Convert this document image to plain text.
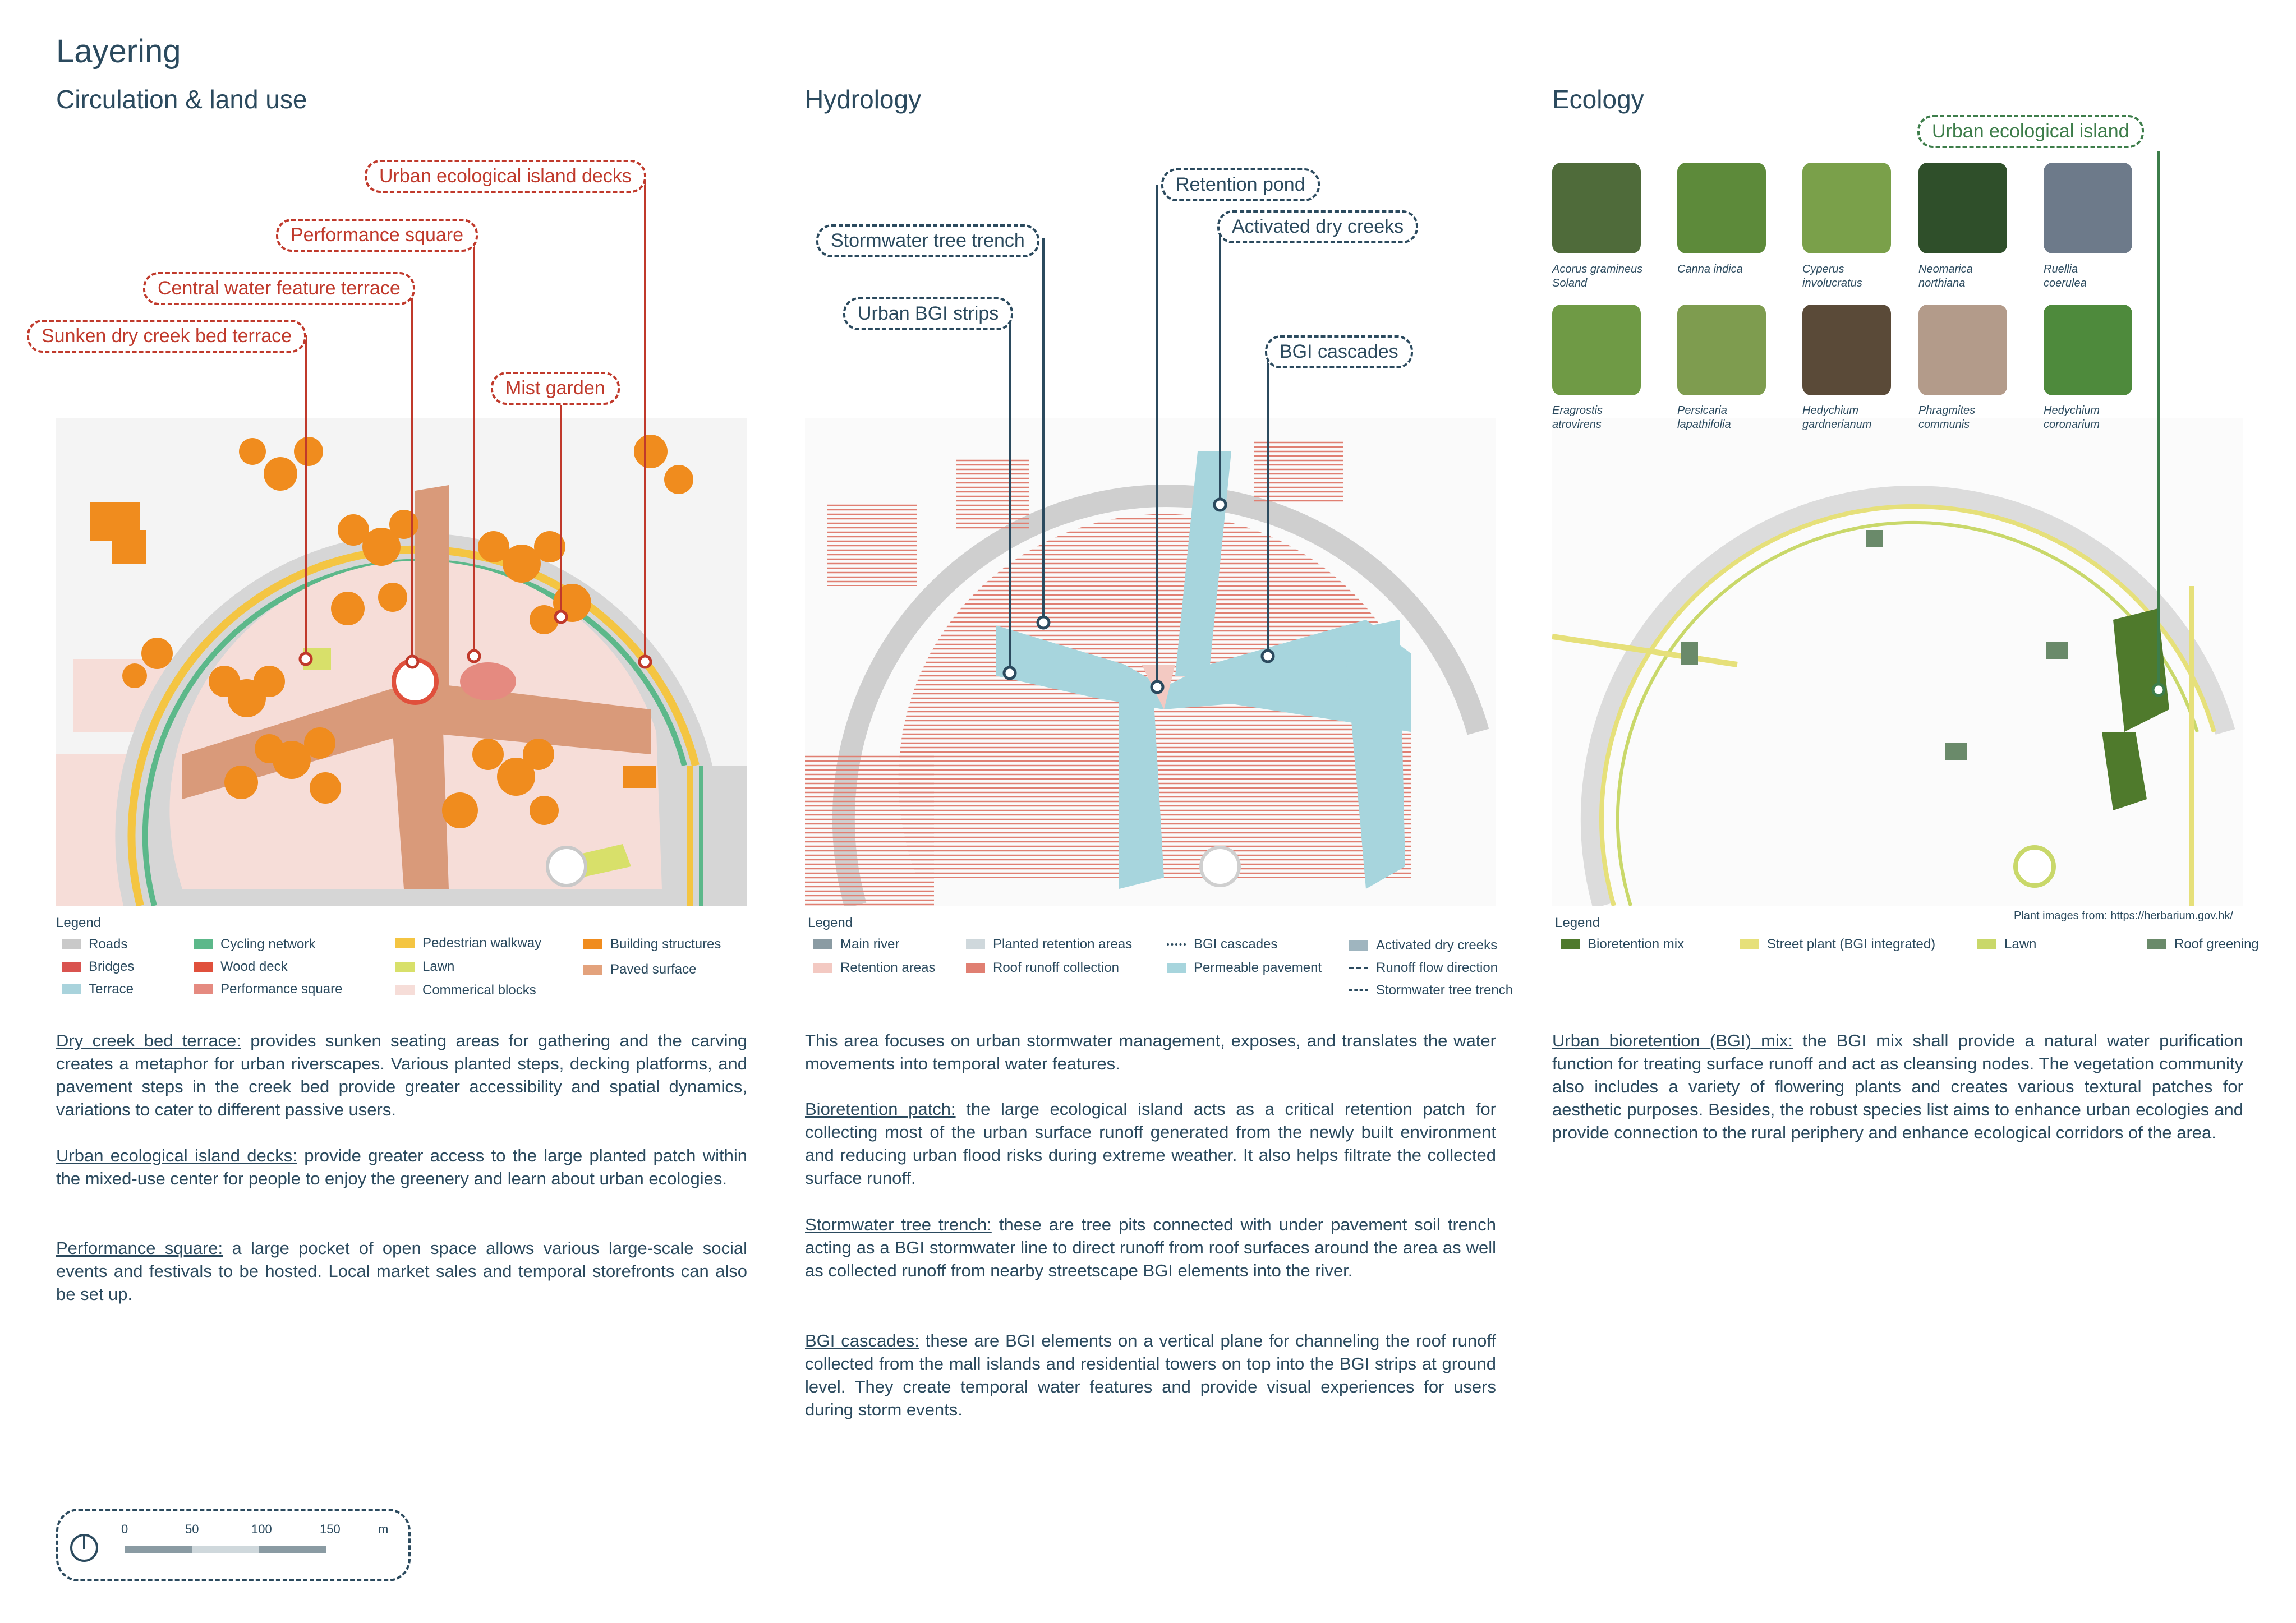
Layering
Circulation & land use	Hydrology	Ecology
Urban ecological island decks
Performance square
Central water feature terrace
Sunken dry creek bed terrace
Mist garden
Legend
Roads
Bridges
Terrace
Cycling network
Wood deck
Performance square
Pedestrian walkway
Lawn
Commerical blocks
Building structures
Paved surface
Dry creek bed terrace: provides sunken seating areas for gathering and the carving creates a metaphor for urban riverscapes. Various planted steps, decking platforms, and pavement steps in the creek bed provide greater accessibility and spatial dynamics, variations to cater to different passive users.
Urban ecological island decks: provide greater access to the large planted patch within the mixed-use center for people to enjoy the greenery and learn about urban ecologies.
Performance square: a large pocket of open space allows various large-scale social events and festivals to be hosted. Local market sales and temporal storefronts can also be set up.
Retention pond
Stormwater tree trench
Activated dry creeks
Urban BGI strips
BGI cascades
Legend
Main river
Retention areas
Planted retention areas
Roof runoff collection
BGI cascades
Permeable pavement
Activated dry creeks
Runoff flow direction
Stormwater tree trench
This area focuses on urban stormwater management, exposes, and translates the water movements into temporal water features.
Bioretention patch: the large ecological island acts as a critical retention patch for collecting most of the urban surface runoff generated from the newly built environment and reducing urban flood risks during extreme weather. It also helps filtrate the collected surface runoff.
Stormwater tree trench: these are tree pits connected with under pavement soil trench acting as a BGI stormwater line to direct runoff from roof surfaces around the area as well as collected runoff from nearby streetscape BGI elements into the river.
BGI cascades: these are BGI elements on a vertical plane for channeling the roof runoff collected from the mall islands and residential towers on top into the BGI strips at ground level. They create temporal water features and provide visual experiences for users during storm events.
Urban ecological island
Acorus gramineus Soland
Canna indica	Cyperus involucratus
Neomarica northiana
Ruellia coerulea
Eragrostis atrovirens
Persicaria lapathifolia
Hedychium gardnerianum
Phragmites communis
Hedychium coronarium
Plant images from: https://herbarium.gov.hk/
Legend
Bioretention mix	Street plant (BGI integrated)	Lawn	Roof greening
Urban bioretention (BGI) mix: the BGI mix shall provide a natural water purification function for treating surface runoff and act as cleansing nodes. The vegetation community also includes a variety of flowering plants and creates various textural patches for aesthetic purposes. Besides, the robust species list aims to enhance urban ecologies and provide connection to the rural periphery and enhance ecological corridors of the area.
0	50	100	150	m
